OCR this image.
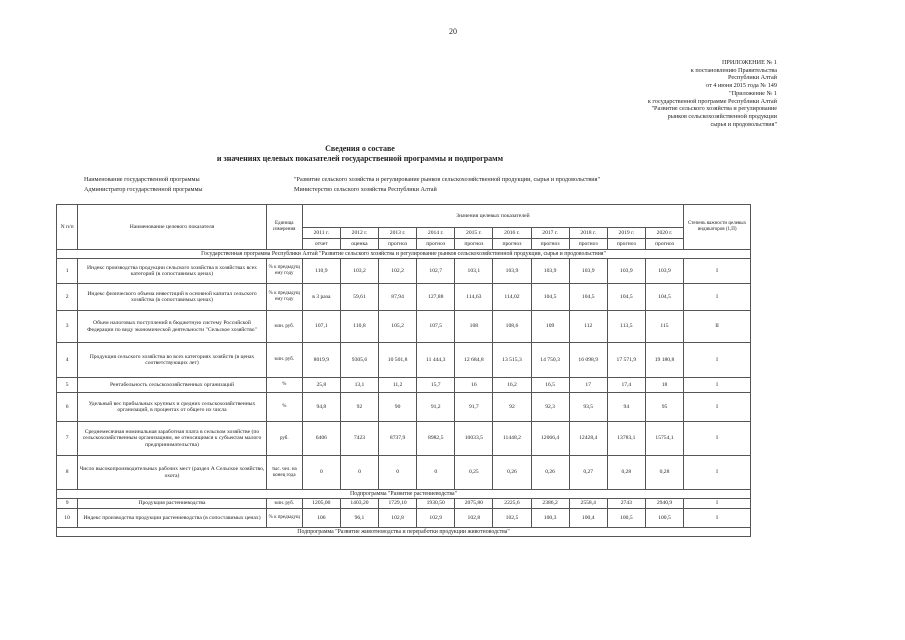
20
ПРИЛОЖЕНИЕ № 1
к постановлению Правительства
Республики Алтай
от 4 июня 2015 года № 149
"Приложение № 1
к государственной программе Республики Алтай
"Развитие сельского хозяйства и регулирование
рынков сельскохозяйственной продукции
сырья и продовольствия"
Сведения о составе
и значениях целевых показателей государственной программы и подпрограмм
Наименование государственной программы	"Развитие сельского хозяйства и регулирование рынков сельскохозяйственной продукции, сырья и продовольствия"
Администратор государственной программы	Министерство сельского хозяйства Республики Алтай
N п/п	Наименование целевого показателя	Единица измерения	Значения целевых показателей										Степень важности целевых индикаторов (1,П)
			2011 г.	2012 г.	2013 г.	2014 г.	2015 г.	2016 г.	2017 г.	2018 г.	2019 г.	2020 г.	
			отчет	оценка	прогноз	прогноз	прогноз	прогноз	прогноз	прогноз	прогноз	прогноз	
Государственная программа Республики Алтай "Развитие сельского хозяйства и регулирование рынков сельскохозяйственной продукции, сырья и продовольствия"													
1	Индекс производства продукции сельского хозяйства в хозяйствах всех категорий (в сопоставимых ценах)	% к предыдущ ему году	110,9	103,2	102,2	102,7	103,1	103,9	103,9	103,9	103,9	103,9	I
2	Индекс физического объема инвестиций в основной капитал сельского хозяйства (в сопоставимых ценах)	% к предыдущ ему году	в 3 раза	59,61	87,94	127,88	114,63	114,02	104,5	104,5	104,5	104,5	I
3	Объем налоговых поступлений в бюджетную систему Российской Федерации по виду экономической деятельности "Сельское хозяйство"	млн. руб.	107,1	110,8	105,2	107,5	108	108,6	109	112	113,5	115	II
4	Продукция сельского хозяйства во всех категориях хозяйств (в ценах соответствующих лет)	млн. руб.	8019,9	9305,6	10 501,8	11 444,3	12 684,8	13 515,3	14 750,3	16 098,9	17 571,9	19 180,8	I
5	Рентабельность сельскохозяйственных организаций	%	25,8	13,1	11,2	15,7	16	16,2	16,5	17	17,4	18	I
6	Удельный вес прибыльных крупных и средних сельскохозяйственных организаций, в процентах от общего их числа	%	94,8	92	90	91,2	91,7	92	92,3	93,5	94	95	I
7	Среднемесячная номинальная заработная плата в сельском хозяйстве (по сельскохозяйственным организациям, не относящимся к субъектам малого предпринимательства)	руб.	6406	7423	8737,9	8982,5	10033,5	11448,2	12066,4	12428,4	13783,1	15754,1	I
8	Число высокопроизводительных рабочих мест (раздел А Сельское хозяйство, охота)	тыс. чел. на конец года	0	0	0	0	0,25	0,26	0,26	0,27	0,28	0,28	I
Подпрограмма "Развитие растениеводства"													
9	Продукция растениеводства	млн. руб.	1205,00	1403,20	1729,10	1930,50	2075,80	2225,6	2386,2	2558,4	2743	2940,9	I
10	Индекс производства продукции растениеводства (в сопоставимых ценах)	% к предыдущ	106	96,1	102,8	102,9	102,8	102,5	100,3	100,4	100,5	100,5	I
Подпрограмма "Развитие животноводства и переработки продукции животноводства"													
